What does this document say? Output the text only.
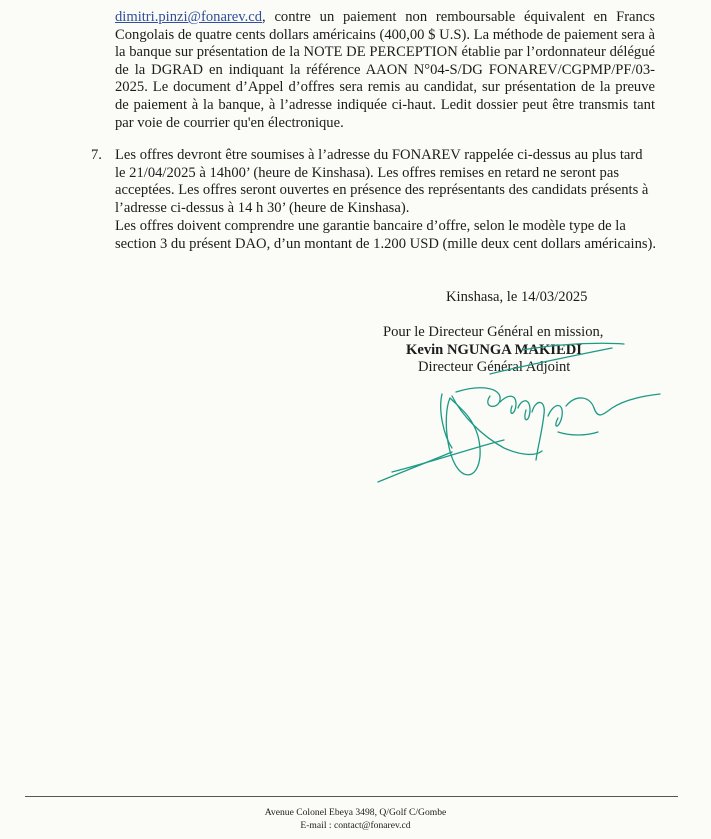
dimitri.pinzi@fonarev.cd, contre un paiement non remboursable équivalent en Francs Congolais de quatre cents dollars américains (400,00 $ U.S). La méthode de paiement sera à la banque sur présentation de la NOTE DE PERCEPTION établie par l’ordonnateur délégué de la DGRAD en indiquant la référence AAON N°04-S/DG FONAREV/CGPMP/PF/03-2025. Le document d’Appel d’offres sera remis au candidat, sur présentation de la preuve de paiement à la banque, à l’adresse indiquée ci-haut. Ledit dossier peut être transmis tant par voie de courrier qu'en électronique.

7. Les offres devront être soumises à l’adresse du FONAREV rappelée ci-dessus au plus tard le 21/04/2025 à 14h00’ (heure de Kinshasa). Les offres remises en retard ne seront pas acceptées. Les offres seront ouvertes en présence des représentants des candidats présents à l’adresse ci-dessus à 14 h 30’ (heure de Kinshasa).

Les offres doivent comprendre une garantie bancaire d’offre, selon le modèle type de la section 3 du présent DAO, d’un montant de 1.200 USD (mille deux cent dollars américains).

Kinshasa, le 14/03/2025
Pour le Directeur Général en mission,
Kevin NGUNGA MAKIEDI
Directeur Général Adjoint
Avenue Colonel Ebeya 3498, Q/Golf C/Gombe
E-mail : contact@fonarev.cd
